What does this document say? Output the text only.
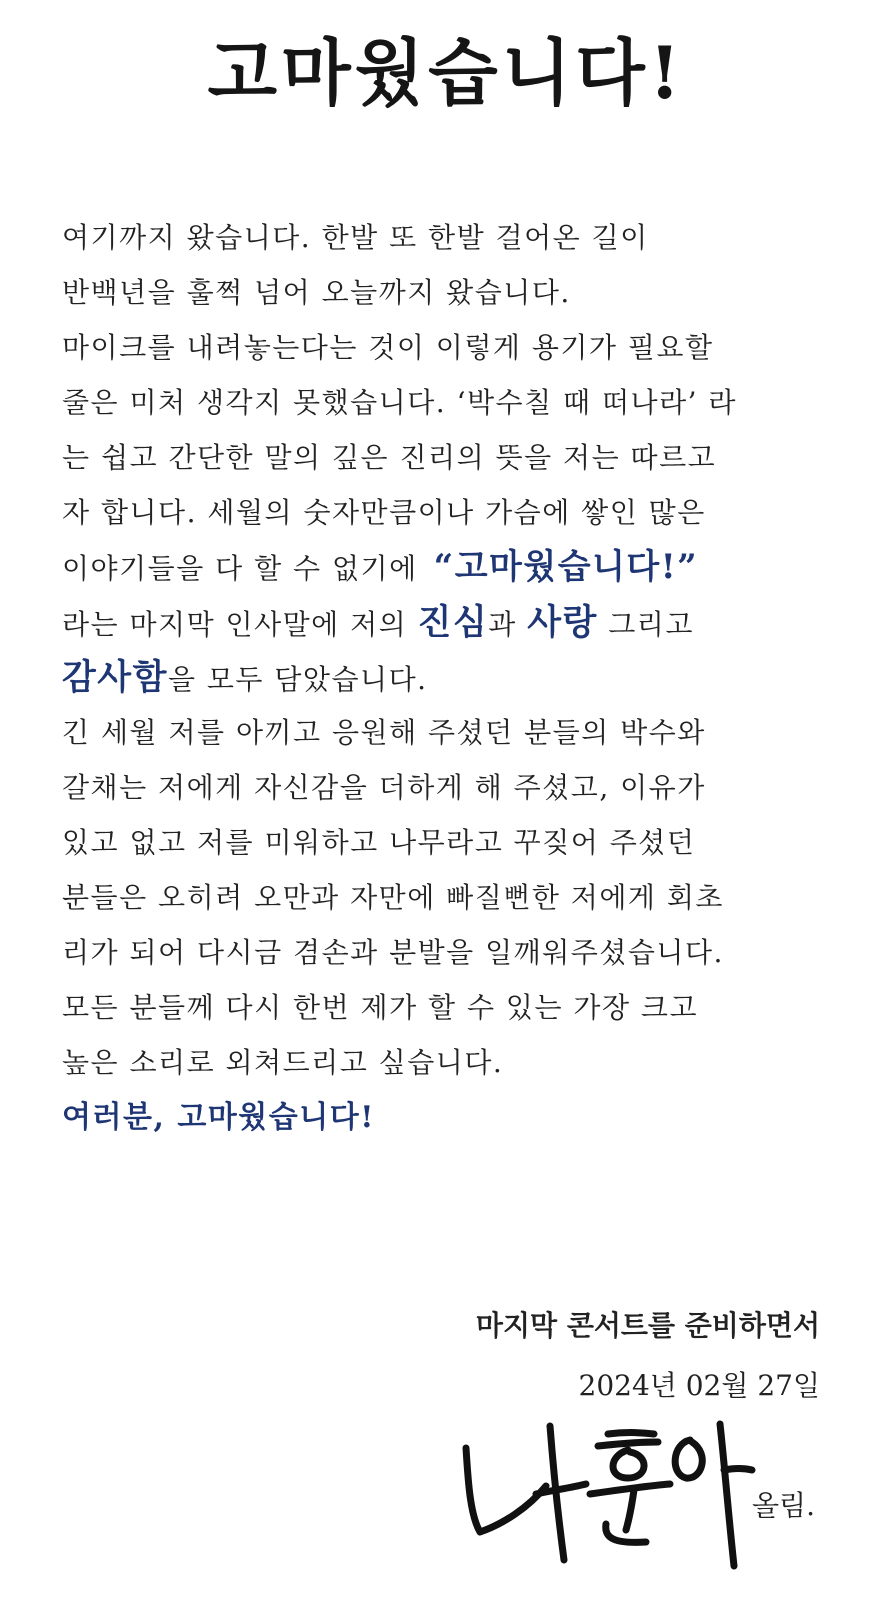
고마웠습니다!
여기까지 왔습니다. 한발 또 한발 걸어온 길이
반백년을 훌쩍 넘어 오늘까지 왔습니다.
마이크를 내려놓는다는 것이 이렇게 용기가 필요할
줄은 미처 생각지 못했습니다. ‘박수칠 때 떠나라’ 라
는 쉽고 간단한 말의 깊은 진리의 뜻을 저는 따르고
자 합니다. 세월의 숫자만큼이나 가슴에 쌓인 많은
이야기들을 다 할 수 없기에 “고마웠습니다!”
라는 마지막 인사말에 저의 진심과 사랑 그리고
감사함을 모두 담았습니다.
긴 세월 저를 아끼고 응원해 주셨던 분들의 박수와
갈채는 저에게 자신감을 더하게 해 주셨고, 이유가
있고 없고 저를 미워하고 나무라고 꾸짖어 주셨던
분들은 오히려 오만과 자만에 빠질뻔한 저에게 회초
리가 되어 다시금 겸손과 분발을 일깨워주셨습니다.
모든 분들께 다시 한번 제가 할 수 있는 가장 크고
높은 소리로 외쳐드리고 싶습니다.
여러분, 고마웠습니다!
마지막 콘서트를 준비하면서
2024년 02월 27일
올림.
